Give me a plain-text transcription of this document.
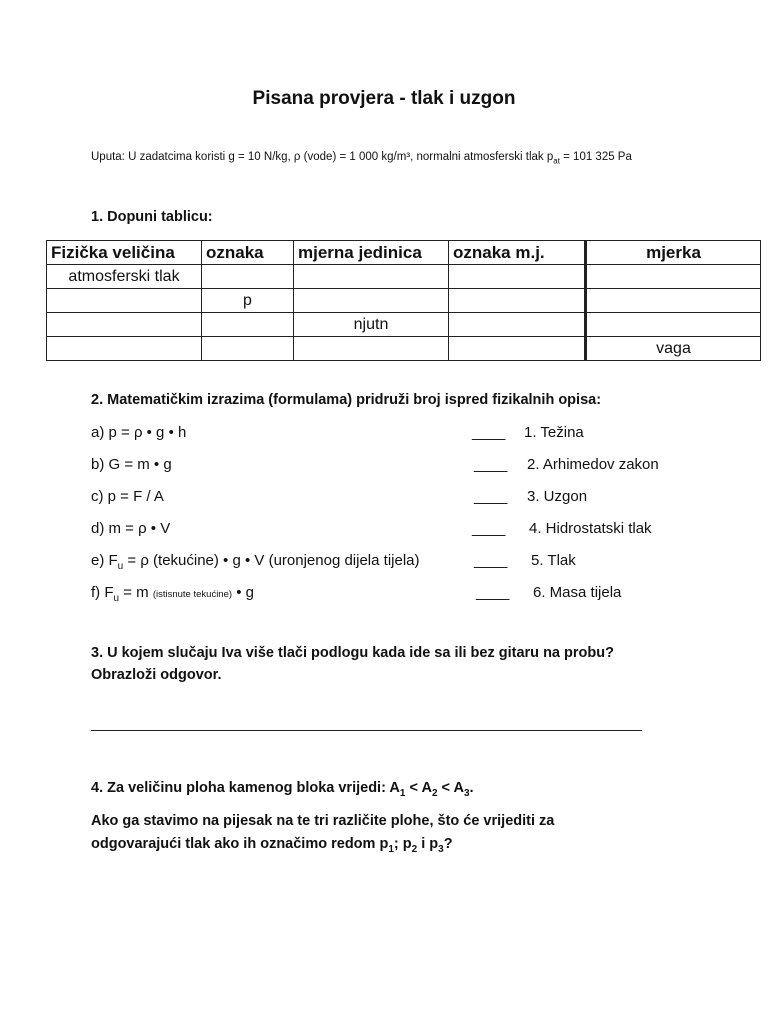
Pisana provjera - tlak i uzgon
Uputa: U zadatcima koristi g = 10 N/kg, ρ (vode) = 1 000 kg/m³, normalni atmosferski tlak $p_{at} = 101$ 325 Pa
1. Dopuni tablicu:
Fizička veličina	oznaka	mjerna jedinica	oznaka m.j.	mjerka
atmosferski tlak				
	p			
		njutn		
				vaga
2. Matematičkim izrazima (formulama) pridruži broj ispred fizikalnih opisa:
a) p = ρ • g • h	____ 1. Težina
b) G = m • g	____ 2. Arhimedov zakon
c) p = F / A	____ 3. Uzgon
d) m = ρ • V	____ 4. Hidrostatski tlak
e) $F_u = \rho$ (tekućine) • g • V (uronjenog dijela tijela)	____ 5. Tlak
f) $F_u = m$ (istisnute tekućine) • g	____ 6. Masa tijela
3. U kojem slučaju Iva više tlači podlogu kada ide sa ili bez gitaru na probu?
Obrazloži odgovor.
4. Za veličinu ploha kamenog bloka vrijedi: $A_1 < A_2 < A_3$.
Ako ga stavimo na pijesak na te tri različite plohe, što će vrijediti za
odgovarajući tlak ako ih označimo redom $p_1$; $p_2$ i $p_3$?
